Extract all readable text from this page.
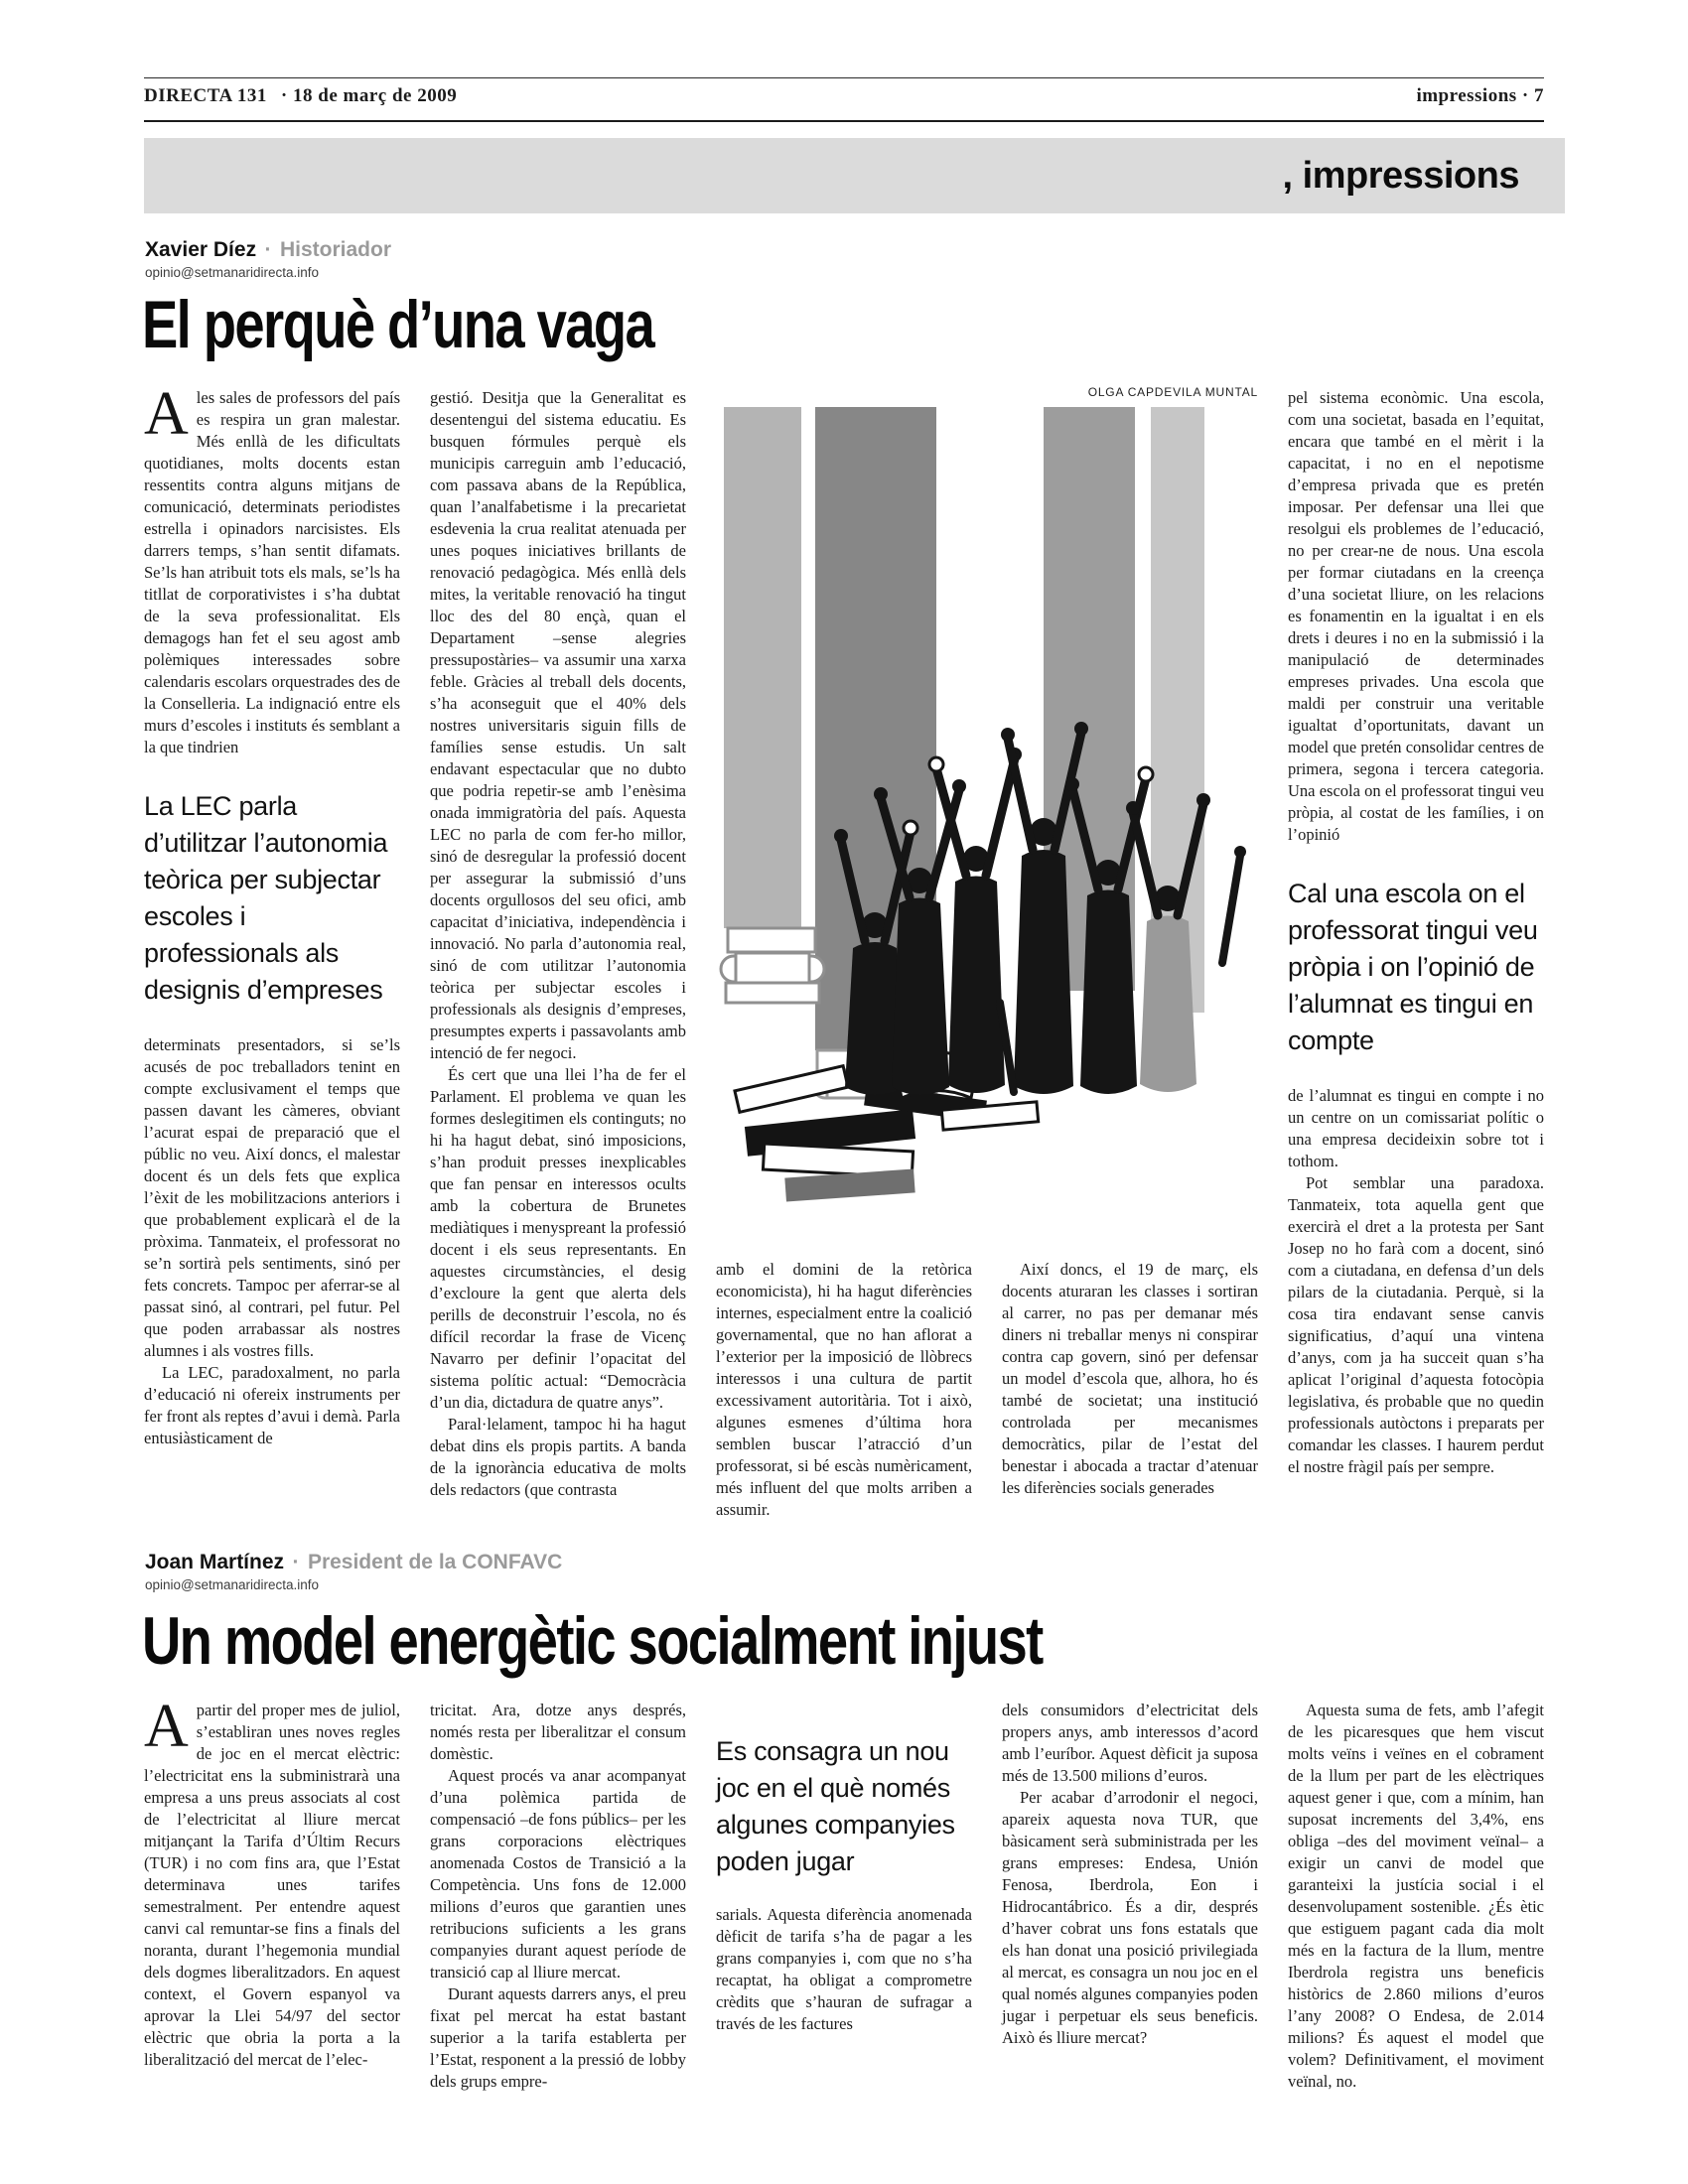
DIRECTA 131 · 18 de març de 2009	impressions · 7
, impressions
Xavier Díez · Historiador
opinio@setmanaridirecta.info
El perquè d’una vaga
OLGA CAPDEVILA MUNTAL

Ales sales de professors del país es respira un gran malestar. Més enllà de les dificultats quotidianes, molts docents estan ressentits contra alguns mitjans de comunicació, determinats periodistes estrella i opinadors narcisistes. Els darrers temps, s’han sentit difamats. Se’ls han atribuit tots els mals, se’ls ha titllat de corporativistes i s’ha dubtat de la seva professionalitat. Els demagogs han fet el seu agost amb polèmiques interessades sobre calendaris escolars orquestrades des de la Conselleria. La indignació entre els murs d’escoles i instituts és semblant a la que tindrien

La LEC parla d’utilitzar l’autonomia teòrica per subjectar escoles i professionals als designis d’empreses

determinats presentadors, si se’ls acusés de poc treballadors tenint en compte exclusivament el temps que passen davant les càmeres, obviant l’acurat espai de preparació que el públic no veu. Així doncs, el malestar docent és un dels fets que explica l’èxit de les mobilitzacions anteriors i que probablement explicarà el de la pròxima. Tanmateix, el professorat no se’n sortirà pels sentiments, sinó per fets concrets. Tampoc per aferrar-se al passat sinó, al contrari, pel futur. Pel que poden arrabassar als nostres alumnes i als vostres fills.

La LEC, paradoxalment, no parla d’educació ni ofereix instruments per fer front als reptes d’avui i demà. Parla entusiàsticament de

gestió. Desitja que la Generalitat es desentengui del sistema educatiu. Es busquen fórmules perquè els municipis carreguin amb l’educació, com passava abans de la República, quan l’analfabetisme i la precarietat esdevenia la crua realitat atenuada per unes poques iniciatives brillants de renovació pedagògica. Més enllà dels mites, la veritable renovació ha tingut lloc des del 80 ençà, quan el Departament –sense alegries pressupostàries– va assumir una xarxa feble. Gràcies al treball dels docents, s’ha aconseguit que el 40% dels nostres universitaris siguin fills de famílies sense estudis. Un salt endavant espectacular que no dubto que podria repetir-se amb l’enèsima onada immigratòria del país. Aquesta LEC no parla de com fer-ho millor, sinó de desregular la professió docent per assegurar la submissió d’uns docents orgullosos del seu ofici, amb capacitat d’iniciativa, independència i innovació. No parla d’autonomia real, sinó de com utilitzar l’autonomia teòrica per subjectar escoles i professionals als designis d’empreses, presumptes experts i passavolants amb intenció de fer negoci.

És cert que una llei l’ha de fer el Parlament. El problema ve quan les formes deslegitimen els continguts; no hi ha hagut debat, sinó imposicions, s’han produit presses inexplicables que fan pensar en interessos ocults amb la cobertura de Brunetes mediàtiques i menyspreant la professió docent i els seus representants. En aquestes circumstàncies, el desig d’excloure la gent que alerta dels perills de deconstruir l’escola, no és difícil recordar la frase de Vicenç Navarro per definir l’opacitat del sistema polític actual: “Democràcia d’un dia, dictadura de quatre anys”.

Paral·lelament, tampoc hi ha hagut debat dins els propis partits. A banda de la ignorància educativa de molts dels redactors (que contrasta

amb el domini de la retòrica economicista), hi ha hagut diferències internes, especialment entre la coalició governamental, que no han aflorat a l’exterior per la imposició de llòbrecs interessos i una cultura de partit excessivament autoritària. Tot i això, algunes esmenes d’última hora semblen buscar l’atracció d’un professorat, si bé escàs numèricament, més influent del que molts arriben a assumir.

Així doncs, el 19 de març, els docents aturaran les classes i sortiran al carrer, no pas per demanar més diners ni treballar menys ni conspirar contra cap govern, sinó per defensar un model d’escola que, alhora, ho és també de societat; una institució controlada per mecanismes democràtics, pilar de l’estat del benestar i abocada a tractar d’atenuar les diferències socials generades

pel sistema econòmic. Una escola, com una societat, basada en l’equitat, encara que també en el mèrit i la capacitat, i no en el nepotisme d’empresa privada que es pretén imposar. Per defensar una llei que resolgui els problemes de l’educació, no per crear-ne de nous. Una escola per formar ciutadans en la creença d’una societat lliure, on les relacions es fonamentin en la igualtat i en els drets i deures i no en la submissió i la manipulació de determinades empreses privades. Una escola que maldi per construir una veritable igualtat d’oportunitats, davant un model que pretén consolidar centres de primera, segona i tercera categoria. Una escola on el professorat tingui veu pròpia, al costat de les famílies, i on l’opinió

Cal una escola on el professorat tingui veu pròpia i on l’opinió de l’alumnat es tingui en compte

de l’alumnat es tingui en compte i no un centre on un comissariat polític o una empresa decideixin sobre tot i tothom.

Pot semblar una paradoxa. Tanmateix, tota aquella gent que exercirà el dret a la protesta per Sant Josep no ho farà com a docent, sinó com a ciutadana, en defensa d’un dels pilars de la ciutadania. Perquè, si la cosa tira endavant sense canvis significatius, d’aquí una vintena d’anys, com ja ha succeit quan s’ha aplicat l’original d’aquesta fotocòpia legislativa, és probable que no quedin professionals autòctons i preparats per comandar les classes. I haurem perdut el nostre fràgil país per sempre.

Joan Martínez · President de la CONFAVC
opinio@setmanaridirecta.info
Un model energètic socialment injust

Apartir del proper mes de juliol, s’establiran unes noves regles de joc en el mercat elèctric: l’electricitat ens la subministrarà una empresa a uns preus associats al cost de l’electricitat al lliure mercat mitjançant la Tarifa d’Últim Recurs (TUR) i no com fins ara, que l’Estat determinava unes tarifes semestralment. Per entendre aquest canvi cal remuntar-se fins a finals del noranta, durant l’hegemonia mundial dels dogmes liberalitzadors. En aquest context, el Govern espanyol va aprovar la Llei 54/97 del sector elèctric que obria la porta a la liberalització del mercat de l’elec-

tricitat. Ara, dotze anys després, només resta per liberalitzar el consum domèstic.

Aquest procés va anar acompanyat d’una polèmica partida de compensació –de fons públics– per les grans corporacions elèctriques anomenada Costos de Transició a la Competència. Uns fons de 12.000 milions d’euros que garantien unes retribucions suficients a les grans companyies durant aquest període de transició cap al lliure mercat.

Durant aquests darrers anys, el preu fixat pel mercat ha estat bastant superior a la tarifa establerta per l’Estat, responent a la pressió de lobby dels grups empre-

Es consagra un nou joc en el què només algunes companyies poden jugar

sarials. Aquesta diferència anomenada dèficit de tarifa s’ha de pagar a les grans companyies i, com que no s’ha recaptat, ha obligat a comprometre crèdits que s’hauran de sufragar a través de les factures

dels consumidors d’electricitat dels propers anys, amb interessos d’acord amb l’euríbor. Aquest dèficit ja suposa més de 13.500 milions d’euros.

Per acabar d’arrodonir el negoci, apareix aquesta nova TUR, que bàsicament serà subministrada per les grans empreses: Endesa, Unión Fenosa, Iberdrola, Eon i Hidrocantábrico. És a dir, després d’haver cobrat uns fons estatals que els han donat una posició privilegiada al mercat, es consagra un nou joc en el qual només algunes companyies poden jugar i perpetuar els seus beneficis. Això és lliure mercat?

Aquesta suma de fets, amb l’afegit de les picaresques que hem viscut molts veïns i veïnes en el cobrament de la llum per part de les elèctriques aquest gener i que, com a mínim, han suposat increments del 3,4%, ens obliga –des del moviment veïnal– a exigir un canvi de model que garanteixi la justícia social i el desenvolupament sostenible. ¿És ètic que estiguem pagant cada dia molt més en la factura de la llum, mentre Iberdrola registra uns beneficis històrics de 2.860 milions d’euros l’any 2008? O Endesa, de 2.014 milions? És aquest el model que volem? Definitivament, el moviment veïnal, no.
